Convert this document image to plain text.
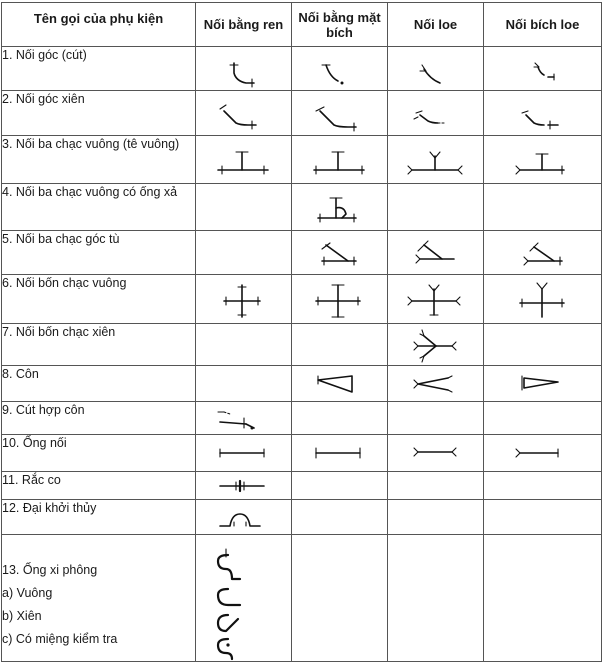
Tên gọi của phụ kiện	Nối bằng ren	Nối bằng mặt bích	Nối loe	Nối bích loe
1. Nối góc (cút)	

2. Nối góc xiên	

3. Nối ba chạc vuông (tê vuông)	

4. Nối ba chạc vuông có ống xả		

5. Nối ba chạc góc tù		

6. Nối bốn chạc vuông	

7. Nối bốn chạc xiên			

8. Côn		

9. Cút hợp côn	

10. Ống nối	

11. Rắc co	

12. Đại khởi thủy	

13. Ống xi phông
a) Vuông
b) Xiên
c) Có miệng kiểm tra
